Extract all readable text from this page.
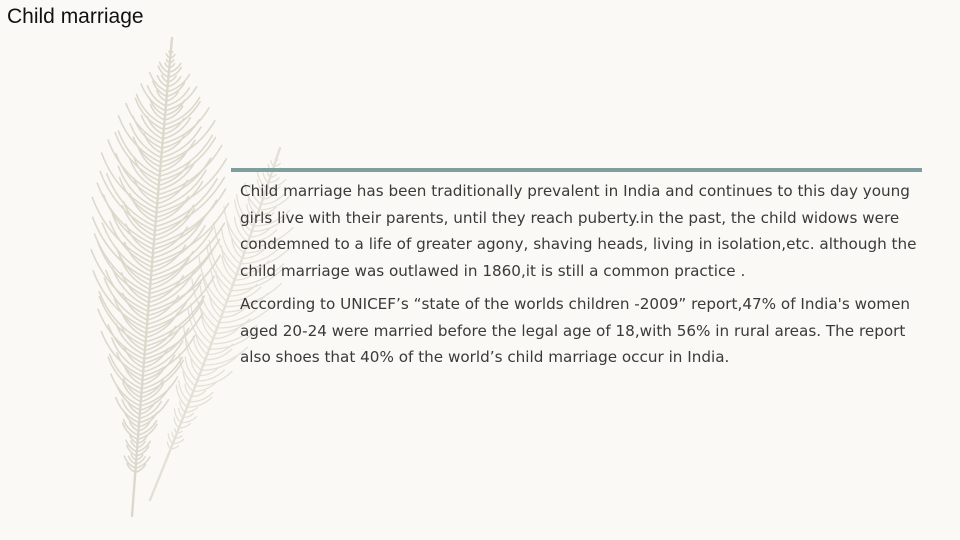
Child marriage

Child marriage has been traditionally prevalent in India and continues to this day young girls live with their parents, until they reach puberty.in the past, the child widows were condemned to a life of greater agony, shaving heads, living in isolation,etc. although the child marriage was outlawed in 1860,it is still a common practice .

According to UNICEF’s “state of the worlds children -2009” report,47% of India's women aged 20-24 were married before the legal age of 18,with 56% in rural areas. The report also shoes that 40% of the world’s child marriage occur in India.
